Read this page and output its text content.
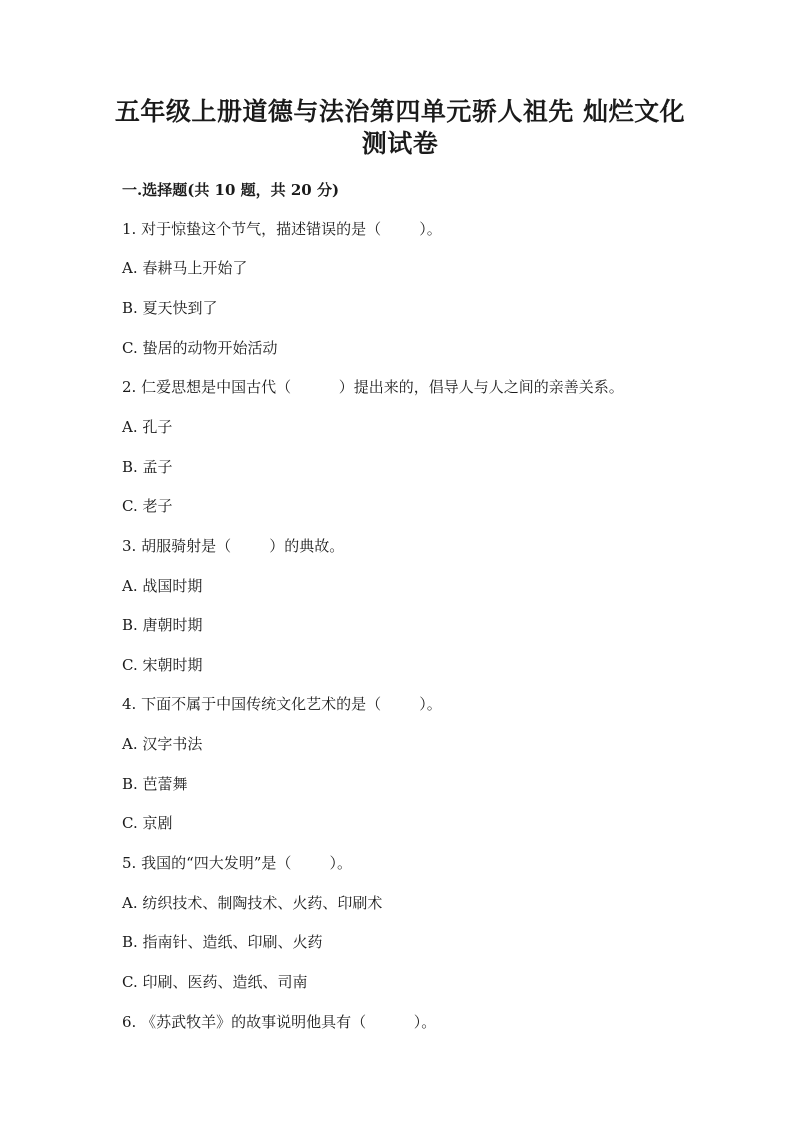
五年级上册道德与法治第四单元骄人祖先 灿烂文化
测试卷
一.选择题(共 10 题，共 20 分)
1. 对于惊蛰这个节气，描述错误的是（        ）。
A. 春耕马上开始了
B. 夏天快到了
C. 蛰居的动物开始活动
2. 仁爱思想是中国古代（          ）提出来的，倡导人与人之间的亲善关系。
A. 孔子
B. 孟子
C. 老子
3. 胡服骑射是（        ）的典故。
A. 战国时期
B. 唐朝时期
C. 宋朝时期
4. 下面不属于中国传统文化艺术的是（        ）。
A. 汉字书法
B. 芭蕾舞
C. 京剧
5. 我国的“四大发明”是（        ）。
A. 纺织技术、制陶技术、火药、印刷术
B. 指南针、造纸、印刷、火药
C. 印刷、医药、造纸、司南
6. 《苏武牧羊》的故事说明他具有（          ）。
